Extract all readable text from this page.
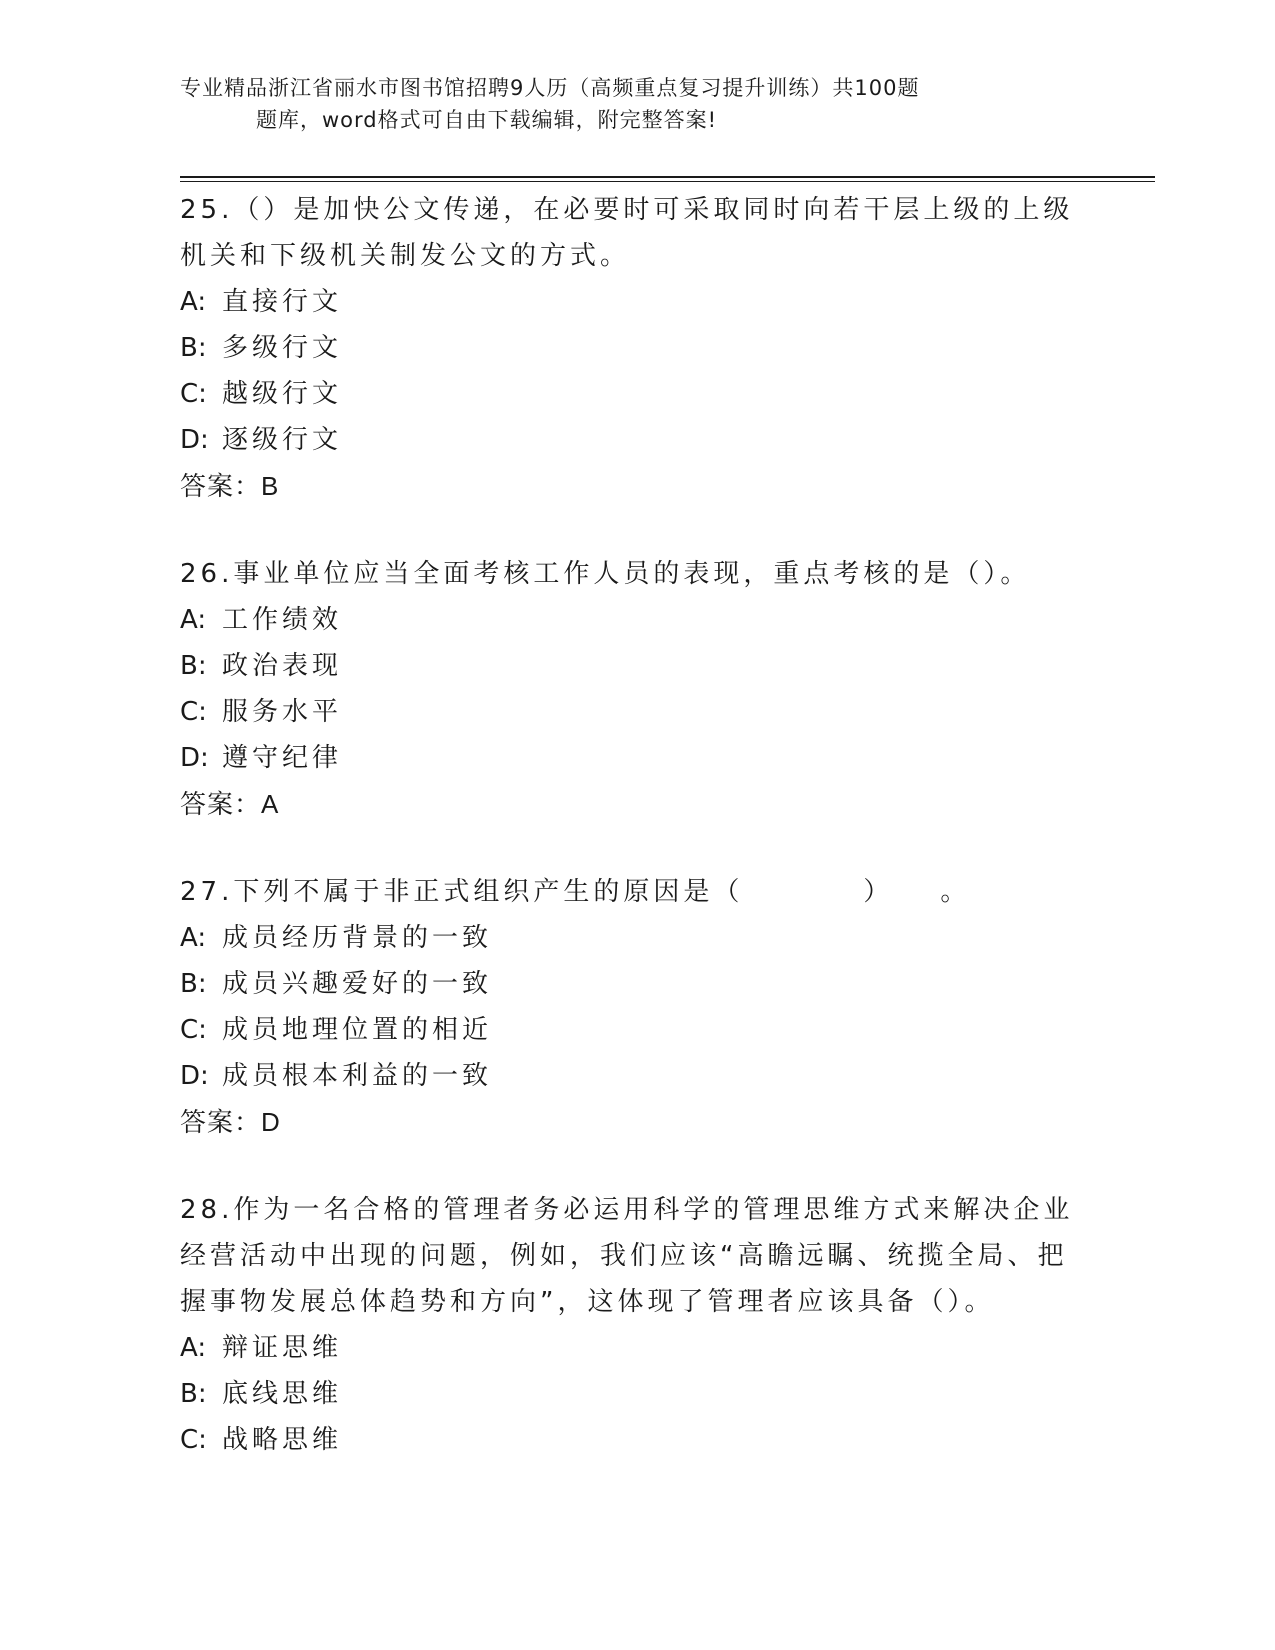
专业精品浙江省丽水市图书馆招聘9人历（高频重点复习提升训练）共100题
题库，word格式可自由下载编辑，附完整答案!
25.（）是加快公文传递，在必要时可采取同时向若干层上级的上级机关和下级机关制发公文的方式。
A: 直接行文
B: 多级行文
C: 越级行文
D: 逐级行文
答案：B
26.事业单位应当全面考核工作人员的表现，重点考核的是（）。
A: 工作绩效
B: 政治表现
C: 服务水平
D: 遵守纪律
答案：A
27.下列不属于非正式组织产生的原因是（　　　　）　　。
A: 成员经历背景的一致
B: 成员兴趣爱好的一致
C: 成员地理位置的相近
D: 成员根本利益的一致
答案：D
28.作为一名合格的管理者务必运用科学的管理思维方式来解决企业经营活动中出现的问题，例如，我们应该“高瞻远瞩、统揽全局、把握事物发展总体趋势和方向”，这体现了管理者应该具备（）。
A: 辩证思维
B: 底线思维
C: 战略思维
